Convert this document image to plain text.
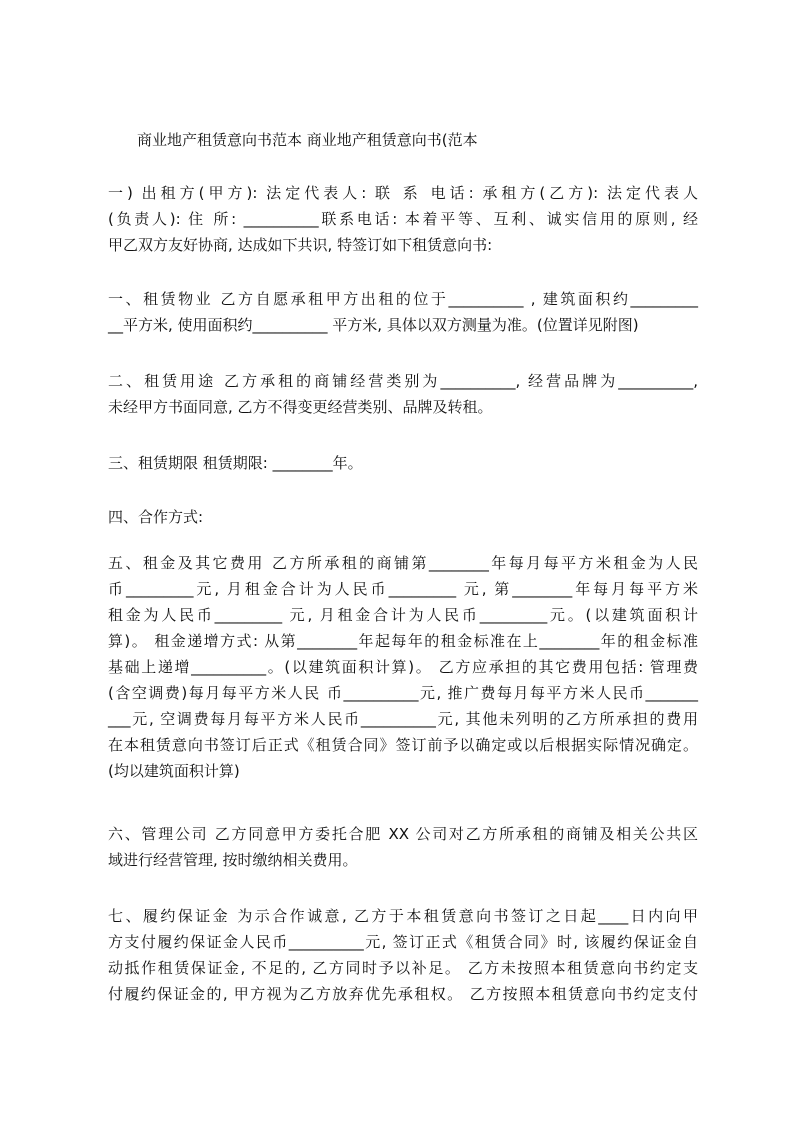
商业地产租赁意向书范本 商业地产租赁意向书(范本
一) 出租方(甲方): 法定代表人: 联 系 电话: 承租方(乙方): 法定代表人
(负责人): 住 所: __________联系电话: 本着平等、互利、诚实信用的原则, 经
甲乙双方友好协商, 达成如下共识, 特签订如下租赁意向书:
一、租赁物业 乙方自愿承租甲方出租的位于__________ , 建筑面积约_________
__平方米, 使用面积约__________ 平方米, 具体以双方测量为准。(位置详见附图)
二、租赁用途 乙方承租的商铺经营类别为__________, 经营品牌为__________,
未经甲方书面同意, 乙方不得变更经营类别、品牌及转租。
三、租赁期限 租赁期限: ________年。
四、合作方式:
五、租金及其它费用 乙方所承租的商铺第________年每月每平方米租金为人民
币_________元, 月租金合计为人民币_________ 元, 第________年每月每平方米
租金为人民币_________ 元, 月租金合计为人民币_________元。(以建筑面积计
算)。 租金递增方式: 从第________年起每年的租金标准在上________年的租金标准
基础上递增__________。(以建筑面积计算)。 乙方应承担的其它费用包括: 管理费
(含空调费)每月每平方米人民 币__________元, 推广费每月每平方米人民币_______
___元, 空调费每月每平方米人民币__________元, 其他未列明的乙方所承担的费用
在本租赁意向书签订后正式《租赁合同》签订前予以确定或以后根据实际情况确定。
(均以建筑面积计算)
六、管理公司 乙方同意甲方委托合肥 XX 公司对乙方所承租的商铺及相关公共区
域进行经营管理, 按时缴纳相关费用。
七、履约保证金 为示合作诚意, 乙方于本租赁意向书签订之日起____日内向甲
方支付履约保证金人民币__________元, 签订正式《租赁合同》时, 该履约保证金自
动抵作租赁保证金, 不足的, 乙方同时予以补足。 乙方未按照本租赁意向书约定支
付履约保证金的, 甲方视为乙方放弃优先承租权。 乙方按照本租赁意向书约定支付
